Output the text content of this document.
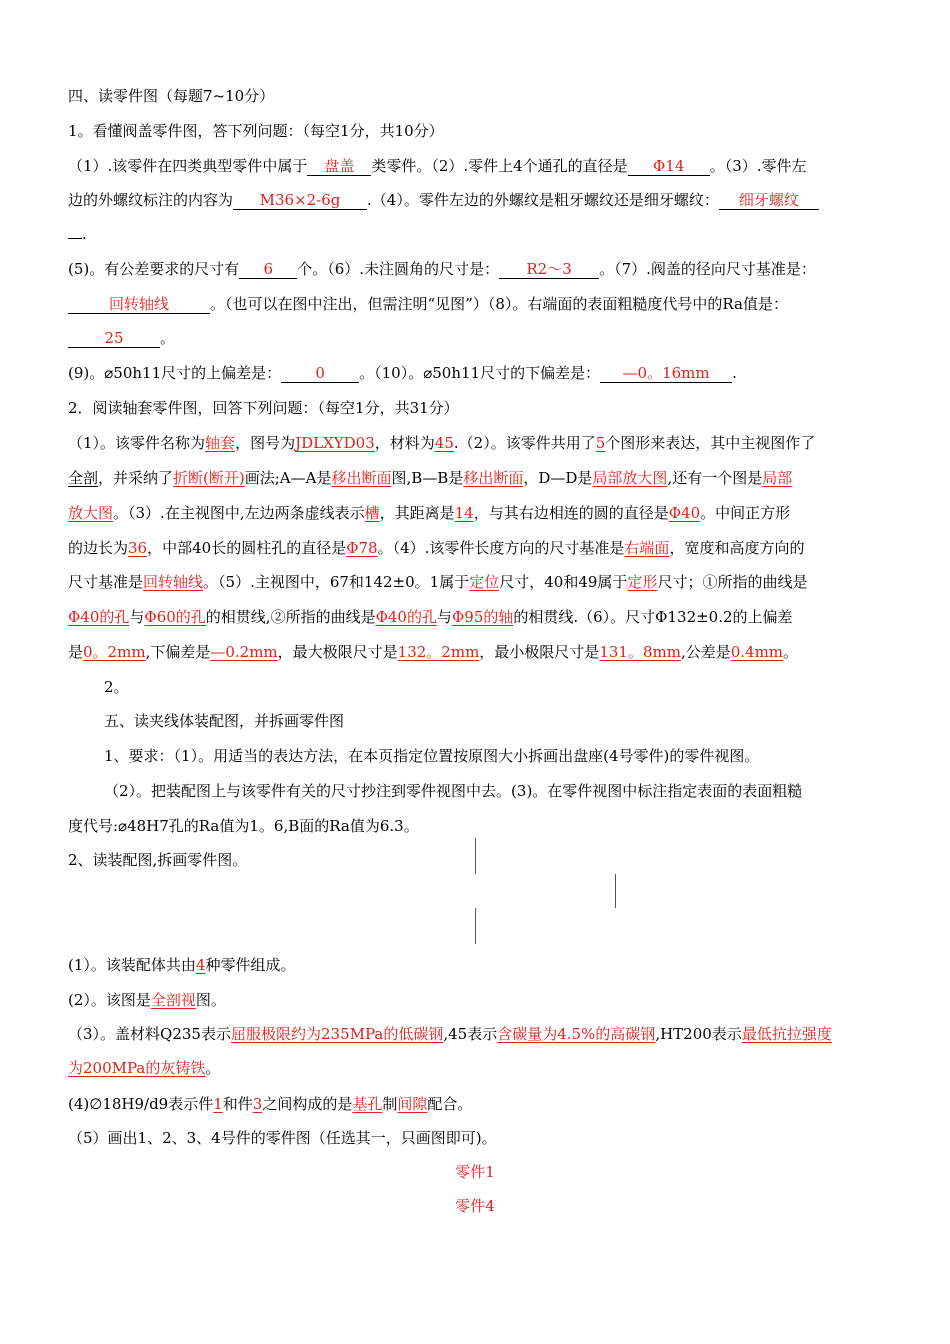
四、读零件图（每题7~10分）
1。看懂阀盖零件图，答下列问题：（每空1分，共10分）
（1）.该零件在四类典型零件中属于 盘盖 类零件。（2）.零件上4个通孔的直径是 Φ14 。（3）.零件左
边的外螺纹标注的内容为 M36×2-6g .（4）。零件左边的外螺纹是粗牙螺纹还是细牙螺纹： 细牙螺纹
.
(5)。有公差要求的尺寸有 6 个。（6）.未注圆角的尺寸是： R2～3 。（7）.阀盖的径向尺寸基准是：
回转轴线	。（也可以在图中注出，但需注明“见图”）（8）。右端面的表面粗糙度代号中的Ra值是：
25 。
(9)。⌀50h11尺寸的上偏差是： 0 。（10）。⌀50h11尺寸的下偏差是： —0。16mm .
2．阅读轴套零件图，回答下列问题：（每空1分，共31分）
（1）。该零件名称为轴套，图号为JDLXYD03，材料为45.（2）。该零件共用了5个图形来表达，其中主视图作了
全剖，并采纳了折断(断开)画法;A—A是移出断面图,B—B是移出断面，D—D是局部放大图,还有一个图是局部
放大图。（3）.在主视图中,左边两条虚线表示槽，其距离是14，与其右边相连的圆的直径是Φ40。中间正方形
的边长为36，中部40长的圆柱孔的直径是Φ78。（4）.该零件长度方向的尺寸基准是右端面，宽度和高度方向的
尺寸基准是回转轴线。（5）.主视图中，67和142±0。1属于定位尺寸，40和49属于定形尺寸；①所指的曲线是
Φ40的孔与Φ60的孔的相贯线,②所指的曲线是Φ40的孔与Φ95的轴的相贯线.（6）。尺寸Φ132±0.2的上偏差
是0。2mm,下偏差是—0.2mm，最大极限尺寸是132。2mm，最小极限尺寸是131。8mm,公差是0.4mm。
2。
五、读夹线体装配图，并拆画零件图
1、要求：（1）。用适当的表达方法，在本页指定位置按原图大小拆画出盘座(4号零件)的零件视图。
（2）。把装配图上与该零件有关的尺寸抄注到零件视图中去。(3)。在零件视图中标注指定表面的表面粗糙
度代号:⌀48H7孔的Ra值为1。6,B面的Ra值为6.3。
2、读装配图,拆画零件图。
(1）。该装配体共由4种零件组成。
(2）。该图是全剖视图。
（3）。盖材料Q235表示屈服极限约为235MPa的低碳钢,45表示含碳量为4.5%的高碳钢,HT200表示最低抗拉强度
为200MPa的灰铸铁。
(4)∅18H9/d9表示件1和件3之间构成的是基孔制间隙配合。
（5）画出1、2、3、4号件的零件图（任选其一，只画图即可)。
零件1
零件4
